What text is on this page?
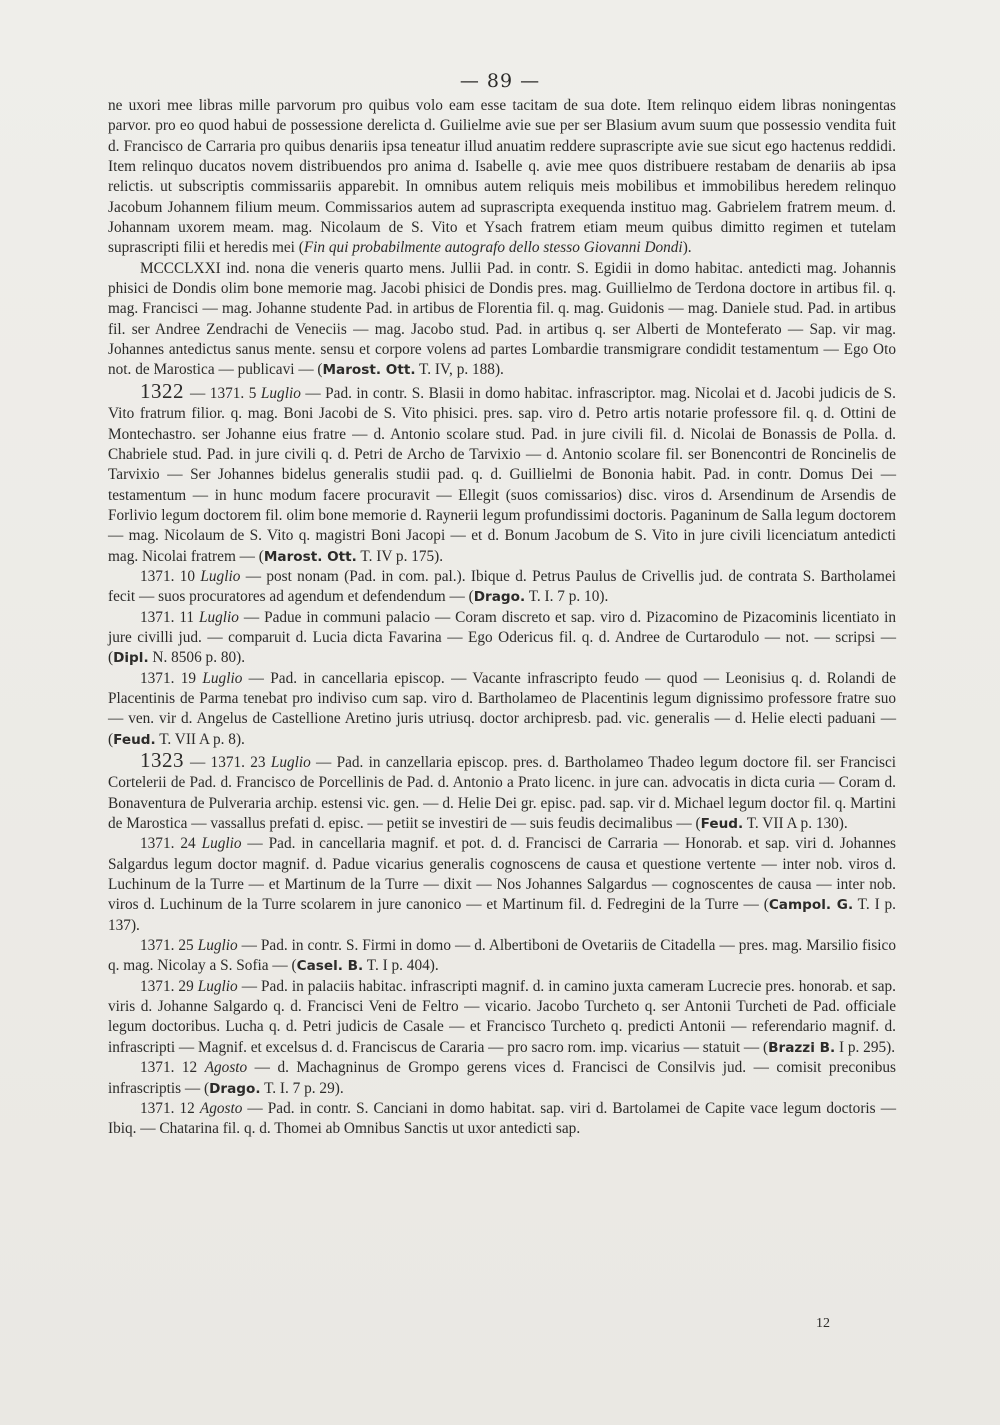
— 89 —

ne uxori mee libras mille parvorum pro quibus volo eam esse tacitam de sua dote. Item relinquo eidem libras noningentas parvor. pro eo quod habui de possessione derelicta d. Guilielme avie sue per ser Blasium avum suum que possessio vendita fuit d. Francisco de Carraria pro quibus denariis ipsa teneatur illud anuatim reddere suprascripte avie sue sicut ego hactenus reddidi. Item relinquo ducatos novem distribuendos pro anima d. Isabelle q. avie mee quos distribuere restabam de denariis ab ipsa relictis. ut subscriptis commissariis apparebit. In omnibus autem reliquis meis mobilibus et immobilibus heredem relinquo Jacobum Johannem filium meum. Commissarios autem ad suprascripta exequenda instituo mag. Gabrielem fratrem meum. d. Johannam uxorem meam. mag. Nicolaum de S. Vito et Ysach fratrem etiam meum quibus dimitto regimen et tutelam suprascripti filii et heredis mei (Fin qui probabilmente autografo dello stesso Giovanni Dondi).

MCCCLXXI ind. nona die veneris quarto mens. Jullii Pad. in contr. S. Egidii in domo habitac. antedicti mag. Johannis phisici de Dondis olim bone memorie mag. Jacobi phisici de Dondis pres. mag. Guillielmo de Terdona doctore in artibus fil. q. mag. Francisci — mag. Johanne studente Pad. in artibus de Florentia fil. q. mag. Guidonis — mag. Daniele stud. Pad. in artibus fil. ser Andree Zendrachi de Veneciis — mag. Jacobo stud. Pad. in artibus q. ser Alberti de Monteferato — Sap. vir mag. Johannes antedictus sanus mente. sensu et corpore volens ad partes Lombardie transmigrare condidit testamentum — Ego Oto not. de Marostica — publicavi — (Marost. Ott. T. IV, p. 188).

1322 — 1371. 5 Luglio — Pad. in contr. S. Blasii in domo habitac. infrascriptor. mag. Nicolai et d. Jacobi judicis de S. Vito fratrum filior. q. mag. Boni Jacobi de S. Vito phisici. pres. sap. viro d. Petro artis notarie professore fil. q. d. Ottini de Montechastro. ser Johanne eius fratre — d. Antonio scolare stud. Pad. in jure civili fil. d. Nicolai de Bonassis de Polla. d. Chabriele stud. Pad. in jure civili q. d. Petri de Archo de Tarvixio — d. Antonio scolare fil. ser Bonencontri de Roncinelis de Tarvixio — Ser Johannes bidelus generalis studii pad. q. d. Guillielmi de Bononia habit. Pad. in contr. Domus Dei — testamentum — in hunc modum facere procuravit — Ellegit (suos comissarios) disc. viros d. Arsendinum de Arsendis de Forlivio legum doctorem fil. olim bone memorie d. Raynerii legum profundissimi doctoris. Paganinum de Salla legum doctorem — mag. Nicolaum de S. Vito q. magistri Boni Jacopi — et d. Bonum Jacobum de S. Vito in jure civili licenciatum antedicti mag. Nicolai fratrem — (Marost. Ott. T. IV p. 175).

1371. 10 Luglio — post nonam (Pad. in com. pal.). Ibique d. Petrus Paulus de Crivellis jud. de contrata S. Bartholamei fecit — suos procuratores ad agendum et defendendum — (Drago. T. I. 7 p. 10).

1371. 11 Luglio — Padue in communi palacio — Coram discreto et sap. viro d. Pizacomino de Pizacominis licentiato in jure civilli jud. — comparuit d. Lucia dicta Favarina — Ego Odericus fil. q. d. Andree de Curtarodulo — not. — scripsi — (Dipl. N. 8506 p. 80).

1371. 19 Luglio — Pad. in cancellaria episcop. — Vacante infrascripto feudo — quod — Leonisius q. d. Rolandi de Placentinis de Parma tenebat pro indiviso cum sap. viro d. Bartholameo de Placentinis legum dignissimo professore fratre suo — ven. vir d. Angelus de Castellione Aretino juris utriusq. doctor archipresb. pad. vic. generalis — d. Helie electi paduani — (Feud. T. VII A p. 8).

1323 — 1371. 23 Luglio — Pad. in canzellaria episcop. pres. d. Bartholameo Thadeo legum doctore fil. ser Francisci Cortelerii de Pad. d. Francisco de Porcellinis de Pad. d. Antonio a Prato licenc. in jure can. advocatis in dicta curia — Coram d. Bonaventura de Pulveraria archip. estensi vic. gen. — d. Helie Dei gr. episc. pad. sap. vir d. Michael legum doctor fil. q. Martini de Marostica — vassallus prefati d. episc. — petiit se investiri de — suis feudis decimalibus — (Feud. T. VII A p. 130).

1371. 24 Luglio — Pad. in cancellaria magnif. et pot. d. d. Francisci de Carraria — Honorab. et sap. viri d. Johannes Salgardus legum doctor magnif. d. Padue vicarius generalis cognoscens de causa et questione vertente — inter nob. viros d. Luchinum de la Turre — et Martinum de la Turre — dixit — Nos Johannes Salgardus — cognoscentes de causa — inter nob. viros d. Luchinum de la Turre scolarem in jure canonico — et Martinum fil. d. Fedregini de la Turre — (Campol. G. T. I p. 137).

1371. 25 Luglio — Pad. in contr. S. Firmi in domo — d. Albertiboni de Ovetariis de Citadella — pres. mag. Marsilio fisico q. mag. Nicolay a S. Sofia — (Casel. B. T. I p. 404).

1371. 29 Luglio — Pad. in palaciis habitac. infrascripti magnif. d. in camino juxta cameram Lucrecie pres. honorab. et sap. viris d. Johanne Salgardo q. d. Francisci Veni de Feltro — vicario. Jacobo Turcheto q. ser Antonii Turcheti de Pad. officiale legum doctoribus. Lucha q. d. Petri judicis de Casale — et Francisco Turcheto q. predicti Antonii — referendario magnif. d. infrascripti — Magnif. et excelsus d. d. Franciscus de Cararia — pro sacro rom. imp. vicarius — statuit — (Brazzi B. I p. 295).

1371. 12 Agosto — d. Machagninus de Grompo gerens vices d. Francisci de Consilvis jud. — comisit preconibus infrascriptis — (Drago. T. I. 7 p. 29).

1371. 12 Agosto — Pad. in contr. S. Canciani in domo habitat. sap. viri d. Bartolamei de Capite vace legum doctoris — Ibiq. — Chatarina fil. q. d. Thomei ab Omnibus Sanctis ut uxor antedicti sap.

12
